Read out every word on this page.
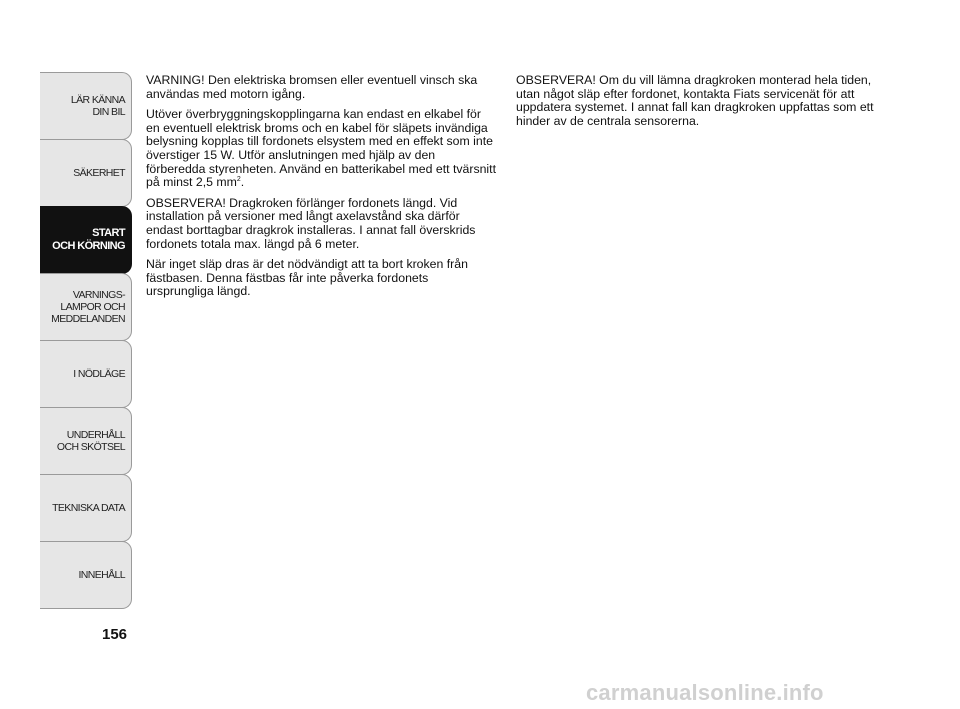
LÄR KÄNNA
DIN BIL
SÄKERHET
START
OCH KÖRNING
VARNINGS-
LAMPOR OCH
MEDDELANDEN
I NÖDLÄGE
UNDERHÅLL
OCH SKÖTSEL
TEKNISKA DATA
INNEHÅLL
156

VARNING! Den elektriska bromsen eller eventuell vinsch ska användas med motorn igång.

Utöver överbryggningskopplingarna kan endast en elkabel för en eventuell elektrisk broms och en kabel för släpets invändiga belysning kopplas till fordonets elsystem med en effekt som inte överstiger 15 W. Utför anslutningen med hjälp av den förberedda styrenheten. Använd en batterikabel med ett tvärsnitt på minst 2,5 $mm^2$.

OBSERVERA! Dragkroken förlänger fordonets längd. Vid installation på versioner med långt axelavstånd ska därför endast borttagbar dragkrok installeras. I annat fall överskrids fordonets totala max. längd på 6 meter.

När inget släp dras är det nödvändigt att ta bort kroken från fästbasen. Denna fästbas får inte påverka fordonets ursprungliga längd.

OBSERVERA! Om du vill lämna dragkroken monterad hela tiden, utan något släp efter fordonet, kontakta Fiats servicenät för att uppdatera systemet. I annat fall kan dragkroken uppfattas som ett hinder av de centrala sensorerna.

carmanualsonline.info
